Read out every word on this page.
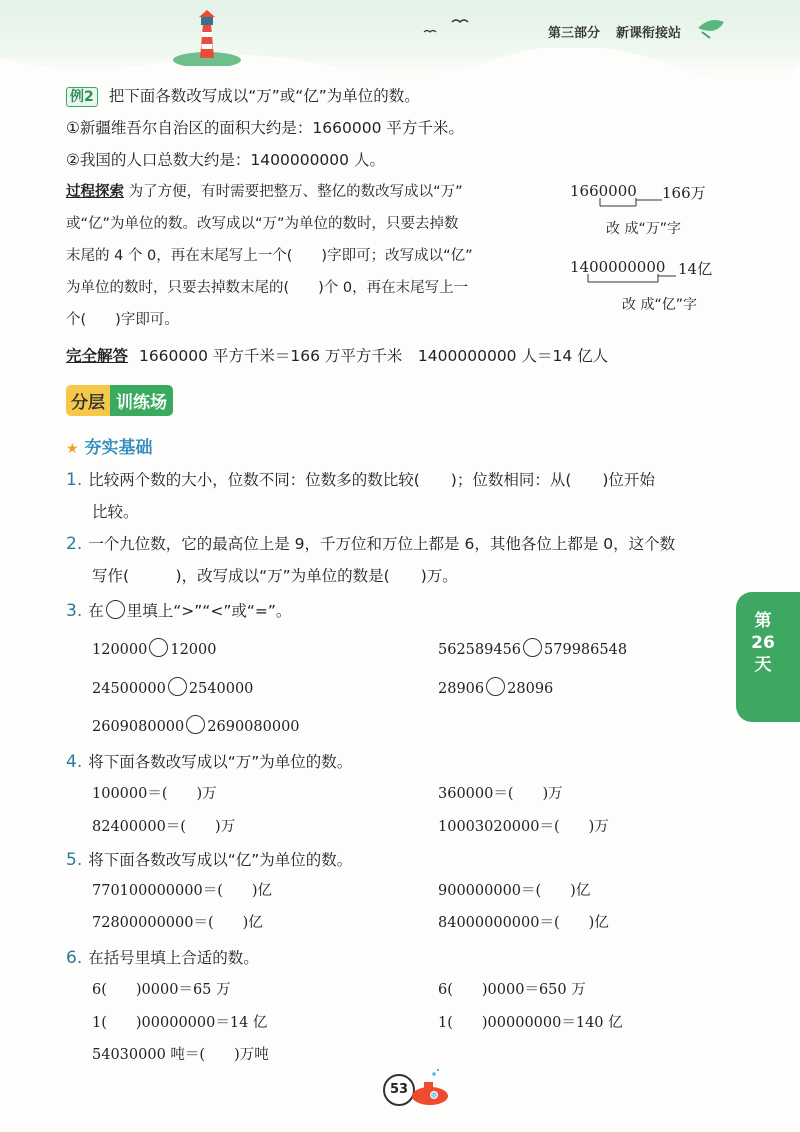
第三部分 新课衔接站
例2 把下面各数改写成以“万”或“亿”为单位的数。
①新疆维吾尔自治区的面积大约是：1660000 平方千米。
②我国的人口总数大约是：1400000000 人。
过程探索 为了方便，有时需要把整万、整亿的数改写成以“万”
或“亿”为单位的数。改写成以“万”为单位的数时，只要去掉数
末尾的 4 个 0，再在末尾写上一个(　　)字即可；改写成以“亿”
为单位的数时，只要去掉数末尾的(　　)个 0，再在末尾写上一
个(　　)字即可。
1660000 166万
改 成“万”字
1400000000 14亿
改 成“亿”字
完全解答 1660000 平方千米＝166 万平方千米　1400000000 人＝14 亿人
分层 训练场
★ 夯实基础
1. 比较两个数的大小，位数不同：位数多的数比较(　　)；位数相同：从(　　)位开始
比较。
2. 一个九位数，它的最高位上是 9，千万位和万位上都是 6，其他各位上都是 0，这个数
写作(　　　)，改写成以“万”为单位的数是(　　)万。
3. 在 里填上“>”“<”或“=”。
120000 12000	562589456 579986548
24500000 2540000	28906 28096
2609080000 2690080000
4. 将下面各数改写成以“万”为单位的数。
100000＝(　　)万	360000＝(　　)万
82400000＝(　　)万	10003020000＝(　　)万
5. 将下面各数改写成以“亿”为单位的数。
770100000000＝(　　)亿	900000000＝(　　)亿
72800000000＝(　　)亿	84000000000＝(　　)亿
6. 在括号里填上合适的数。
6(　　)0000＝65 万	6(　　)0000＝650 万
1(　　)00000000＝14 亿	1(　　)00000000＝140 亿
54030000 吨＝(　　)万吨
第26天
53
